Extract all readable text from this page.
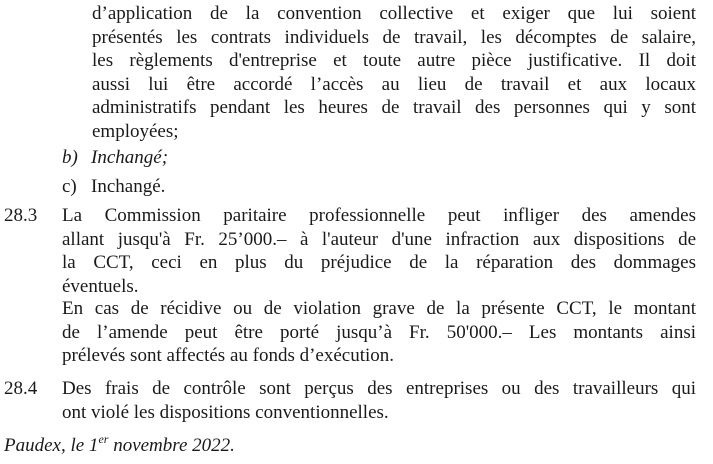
d’application de la convention collective et exiger que lui soient
présentés les contrats individuels de travail, les décomptes de salaire,
les règlements d'entreprise et toute autre pièce justificative. Il doit
aussi lui être accordé l’accès au lieu de travail et aux locaux
administratifs pendant les heures de travail des personnes qui y sont
employées;
b) Inchangé;
c) Inchangé.
28.3 La Commission paritaire professionnelle peut infliger des amendes
allant jusqu'à Fr. 25’000.– à l'auteur d'une infraction aux dispositions de
la CCT, ceci en plus du préjudice de la réparation des dommages
éventuels.
En cas de récidive ou de violation grave de la présente CCT, le montant
de l’amende peut être porté jusqu’à Fr. 50'000.– Les montants ainsi
prélevés sont affectés au fonds d’exécution.
28.4 Des frais de contrôle sont perçus des entreprises ou des travailleurs qui
ont violé les dispositions conventionnelles.
Paudex, le 1er novembre 2022.
